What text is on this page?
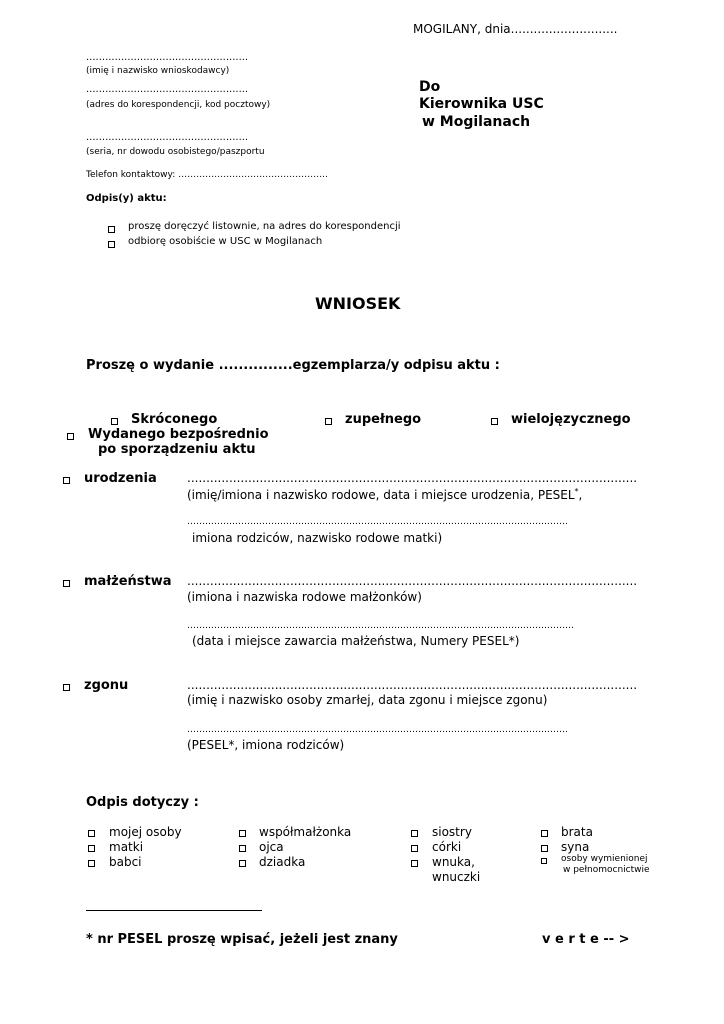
MOGILANY, dnia............................
...................................................
(imię i nazwisko wnioskodawcy)
...................................................
(adres do korespondencji, kod pocztowy)
...................................................
(seria, nr dowodu osobistego/paszportu
Telefon kontaktowy: …………………………………………..
Do
Kierownika USC
w Mogilanach
Odpis(y) aktu:
proszę doręczyć listownie, na adres do korespondencji
odbiorę osobiście w USC w Mogilanach
WNIOSEK
Proszę o wydanie ...............egzemplarza/y odpisu aktu :
Skróconego	zupełnego	wielojęzycznego
Wydanego bezpośrednio
po sporządzeniu aktu
urodzenia	......................................................................................................................
(imię/imiona i nazwisko rodowe, data i miejsce urodzenia, PESEL*,
……………………………………………………………………………………………………………….
imiona rodziców, nazwisko rodowe matki)
małżeństwa ......................................................................................................................
(imiona i nazwiska rodowe małżonków)
…………………………………………………………………………………………………………………
(data i miejsce zawarcia małżeństwa, Numery PESEL*)
zgonu	......................................................................................................................
(imię i nazwisko osoby zmarłej, data zgonu i miejsce zgonu)
……………………………………………………………………………………………………………….
(PESEL*, imiona rodziców)
Odpis dotyczy :
mojej osoby
matki
babci
współmałżonka
ojca
dziadka
siostry
córki
wnuka,
wnuczki
brata
syna
osoby wymienionej
w pełnomocnictwie
* nr PESEL proszę wpisać, jeżeli jest znany	v e r t e -- >
